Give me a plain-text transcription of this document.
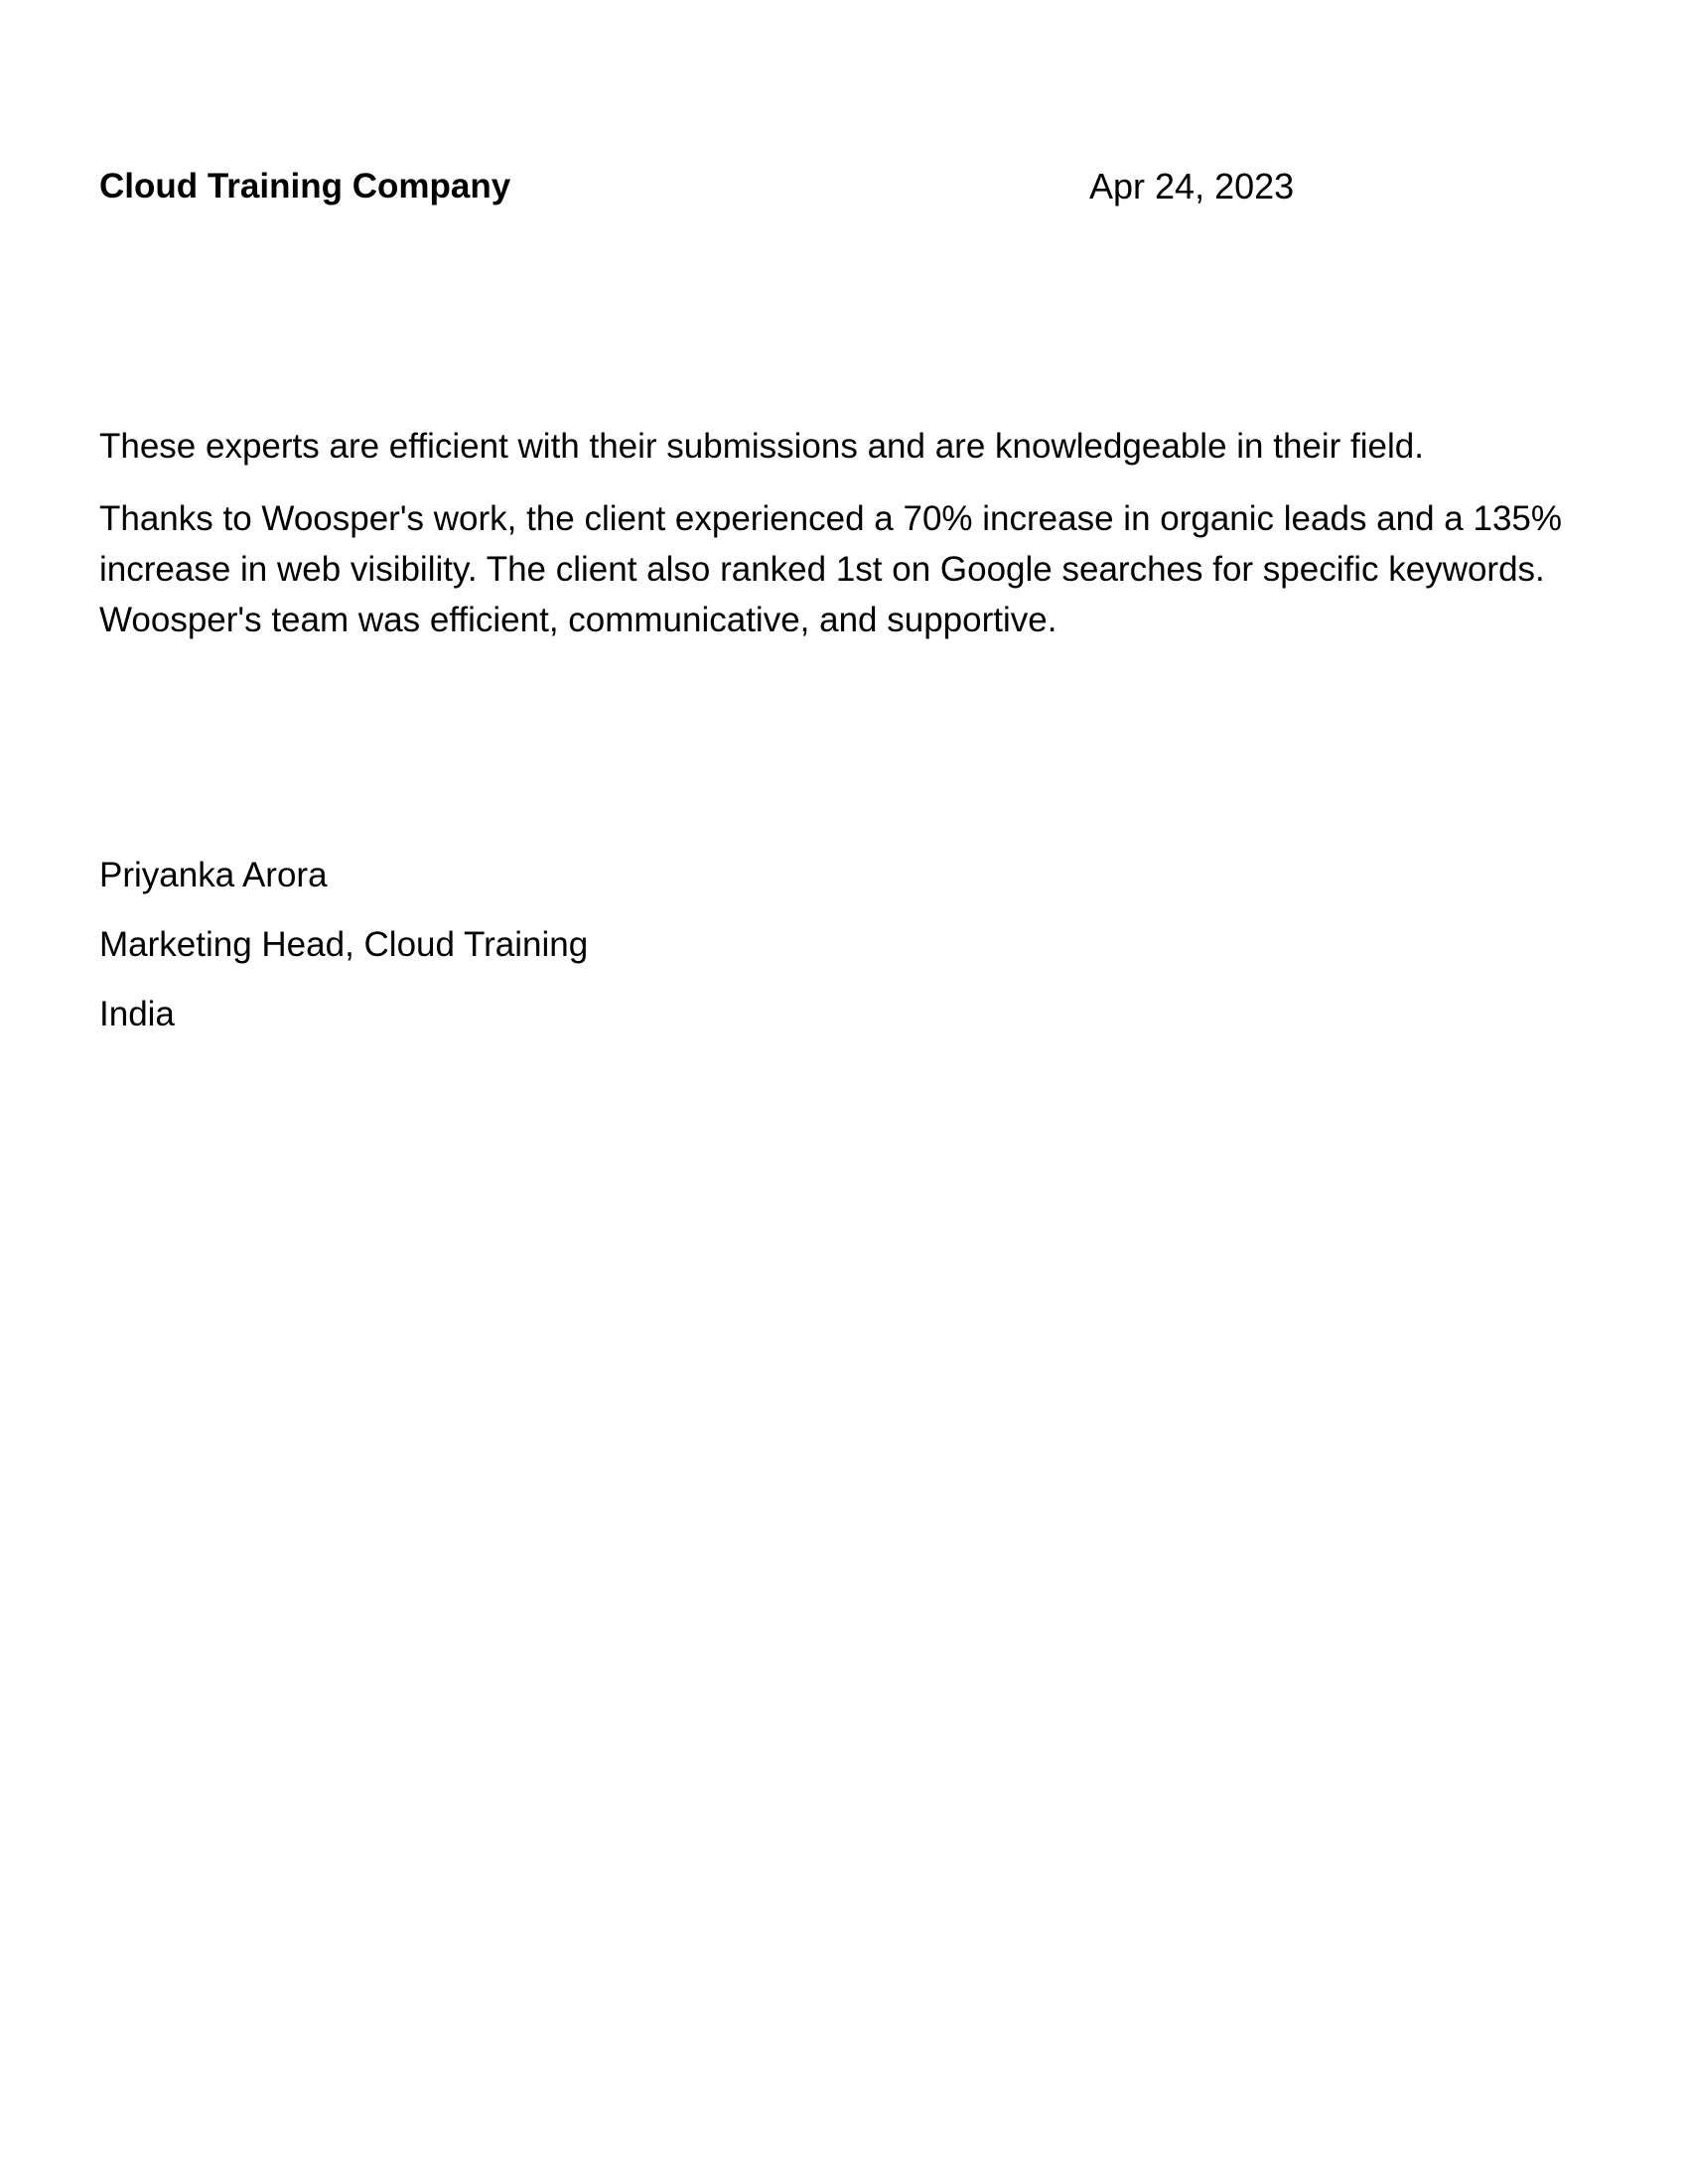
Cloud Training Company	Apr 24, 2023

These experts are efficient with their submissions and are knowledgeable in their field.

Thanks to Woosper's work, the client experienced a 70% increase in organic leads and a 135% increase in web visibility. The client also ranked 1st on Google searches for specific keywords. Woosper's team was efficient, communicative, and supportive.

Priyanka Arora
Marketing Head, Cloud Training
India
